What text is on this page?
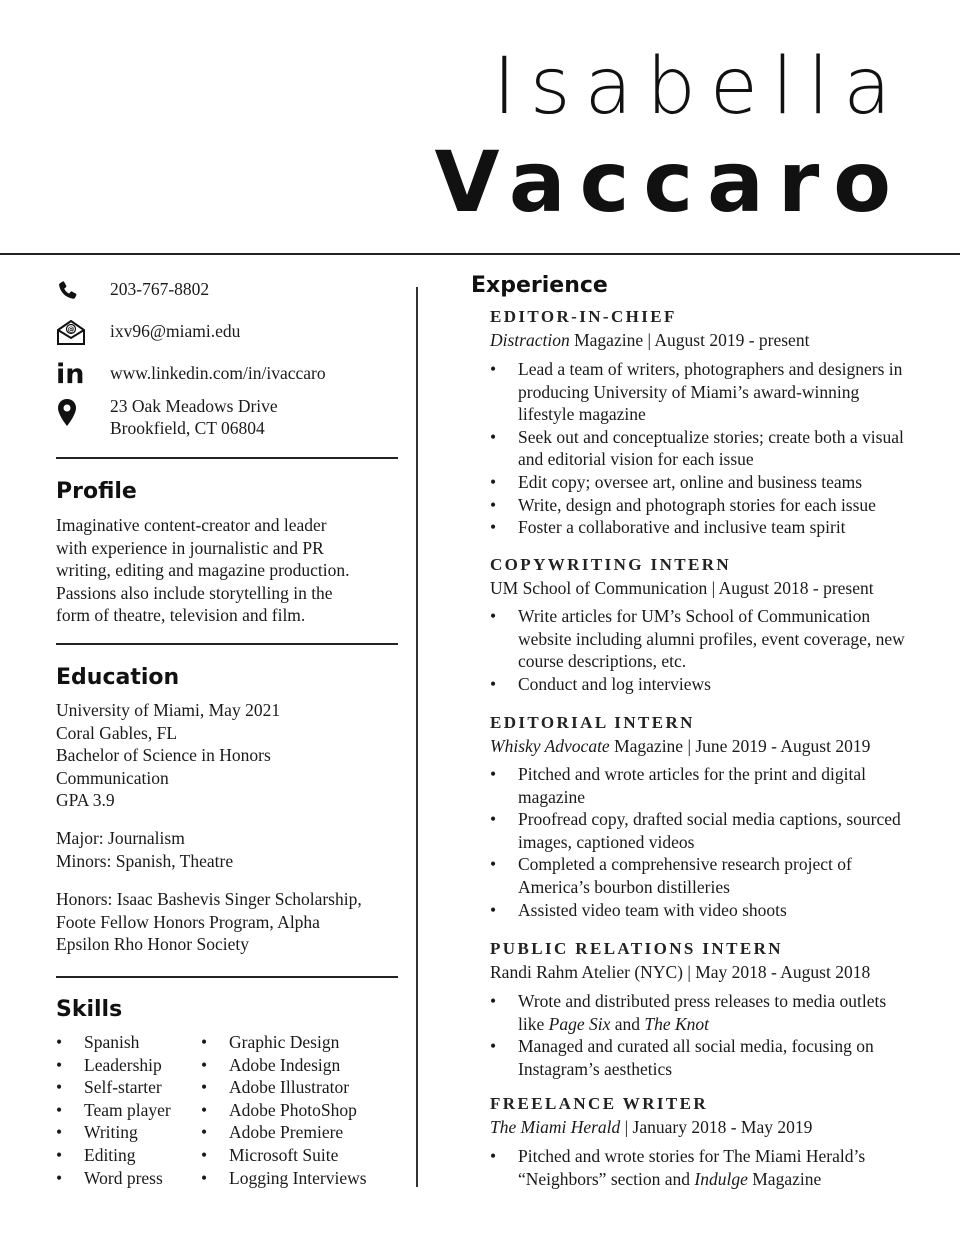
Isabella
Vaccaro
203-767-8802
@ ixv96@miami.edu
in www.linkedin.com/in/ivaccaro
23 Oak Meadows Drive
Brookfield, CT 06804
Profile

Imaginative content-creator and leader
with experience in journalistic and PR
writing, editing and magazine production.
Passions also include storytelling in the
form of theatre, television and film.

Education

University of Miami, May 2021
Coral Gables, FL
Bachelor of Science in Honors
Communication
GPA 3.9

Major: Journalism
Minors: Spanish, Theatre

Honors: Isaac Bashevis Singer Scholarship,
Foote Fellow Honors Program, Alpha
Epsilon Rho Honor Society

Skills
• Spanish
• Leadership
• Self-starter
• Team player
• Writing
• Editing
• Word press
• Graphic Design
• Adobe Indesign
• Adobe Illustrator
• Adobe PhotoShop
• Adobe Premiere
• Microsoft Suite
• Logging Interviews
Experience
EDITOR-IN-CHIEF
Distraction Magazine | August 2019 - present
• Lead a team of writers, photographers and designers in producing University of Miami’s award-winning lifestyle magazine
• Seek out and conceptualize stories; create both a visual and editorial vision for each issue
• Edit copy; oversee art, online and business teams
• Write, design and photograph stories for each issue
• Foster a collaborative and inclusive team spirit
COPYWRITING INTERN
UM School of Communication | August 2018 - present
• Write articles for UM’s School of Communication website including alumni profiles, event coverage, new course descriptions, etc.
• Conduct and log interviews
EDITORIAL INTERN
Whisky Advocate Magazine | June 2019 - August 2019
• Pitched and wrote articles for the print and digital magazine
• Proofread copy, drafted social media captions, sourced images, captioned videos
• Completed a comprehensive research project of America’s bourbon distilleries
• Assisted video team with video shoots
PUBLIC RELATIONS INTERN
Randi Rahm Atelier (NYC) | May 2018 - August 2018
• Wrote and distributed press releases to media outlets like Page Six and The Knot
• Managed and curated all social media, focusing on Instagram’s aesthetics
FREELANCE WRITER
The Miami Herald | January 2018 - May 2019
• Pitched and wrote stories for The Miami Herald’s “Neighbors” section and Indulge Magazine
